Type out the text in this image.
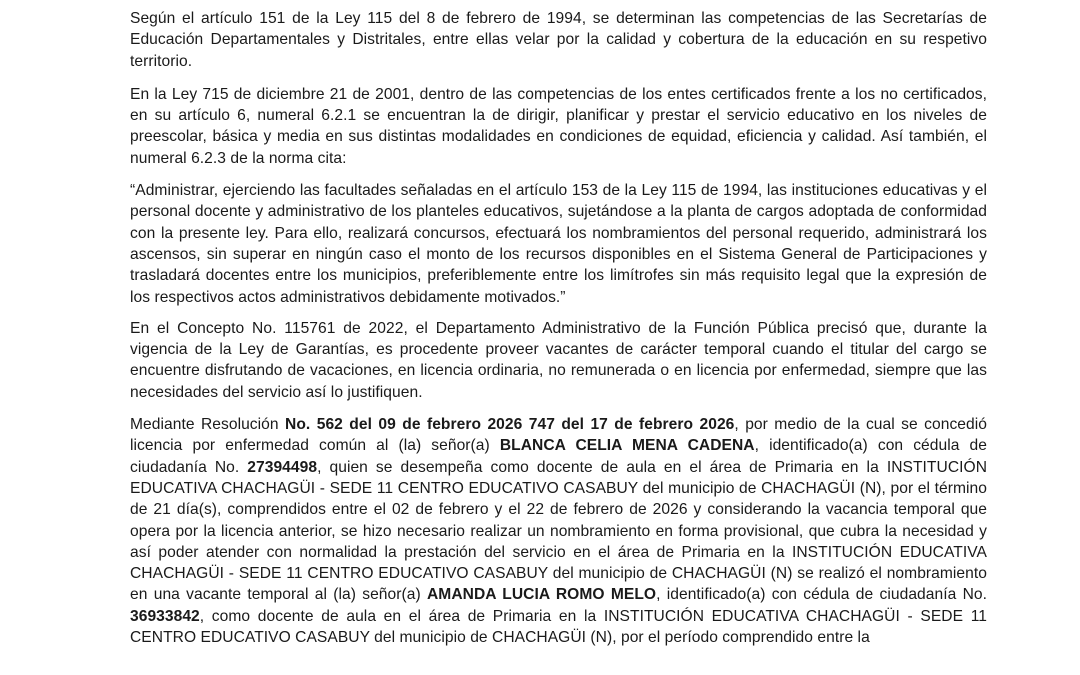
Según el artículo 151 de la Ley 115 del 8 de febrero de 1994, se determinan las competencias de las Secretarías de Educación Departamentales y Distritales, entre ellas velar por la calidad y cobertura de la educación en su respetivo territorio.

En la Ley 715 de diciembre 21 de 2001, dentro de las competencias de los entes certificados frente a los no certificados, en su artículo 6, numeral 6.2.1 se encuentran la de dirigir, planificar y prestar el servicio educativo en los niveles de preescolar, básica y media en sus distintas modalidades en condiciones de equidad, eficiencia y calidad. Así también, el numeral 6.2.3 de la norma cita:

“Administrar, ejerciendo las facultades señaladas en el artículo 153 de la Ley 115 de 1994, las instituciones educativas y el personal docente y administrativo de los planteles educativos, sujetándose a la planta de cargos adoptada de conformidad con la presente ley. Para ello, realizará concursos, efectuará los nombramientos del personal requerido, administrará los ascensos, sin superar en ningún caso el monto de los recursos disponibles en el Sistema General de Participaciones y trasladará docentes entre los municipios, preferiblemente entre los limítrofes sin más requisito legal que la expresión de los respectivos actos administrativos debidamente motivados.”

En el Concepto No. 115761 de 2022, el Departamento Administrativo de la Función Pública precisó que, durante la vigencia de la Ley de Garantías, es procedente proveer vacantes de carácter temporal cuando el titular del cargo se encuentre disfrutando de vacaciones, en licencia ordinaria, no remunerada o en licencia por enfermedad, siempre que las necesidades del servicio así lo justifiquen.

Mediante Resolución No. 562 del 09 de febrero 2026 747 del 17 de febrero 2026, por medio de la cual se concedió licencia por enfermedad común al (la) señor(a) BLANCA CELIA MENA CADENA, identificado(a) con cédula de ciudadanía No. 27394498, quien se desempeña como docente de aula en el área de Primaria en la INSTITUCIÓN EDUCATIVA CHACHAGÜI - SEDE 11 CENTRO EDUCATIVO CASABUY del municipio de CHACHAGÜI (N), por el término de 21 día(s), comprendidos entre el 02 de febrero y el 22 de febrero de 2026 y considerando la vacancia temporal que opera por la licencia anterior, se hizo necesario realizar un nombramiento en forma provisional, que cubra la necesidad y así poder atender con normalidad la prestación del servicio en el área de Primaria en la INSTITUCIÓN EDUCATIVA CHACHAGÜI - SEDE 11 CENTRO EDUCATIVO CASABUY del municipio de CHACHAGÜI (N) se realizó el nombramiento en una vacante temporal al (la) señor(a) AMANDA LUCIA ROMO MELO, identificado(a) con cédula de ciudadanía No. 36933842, como docente de aula en el área de Primaria en la INSTITUCIÓN EDUCATIVA CHACHAGÜI - SEDE 11 CENTRO EDUCATIVO CASABUY del municipio de CHACHAGÜI (N), por el período comprendido entre la
